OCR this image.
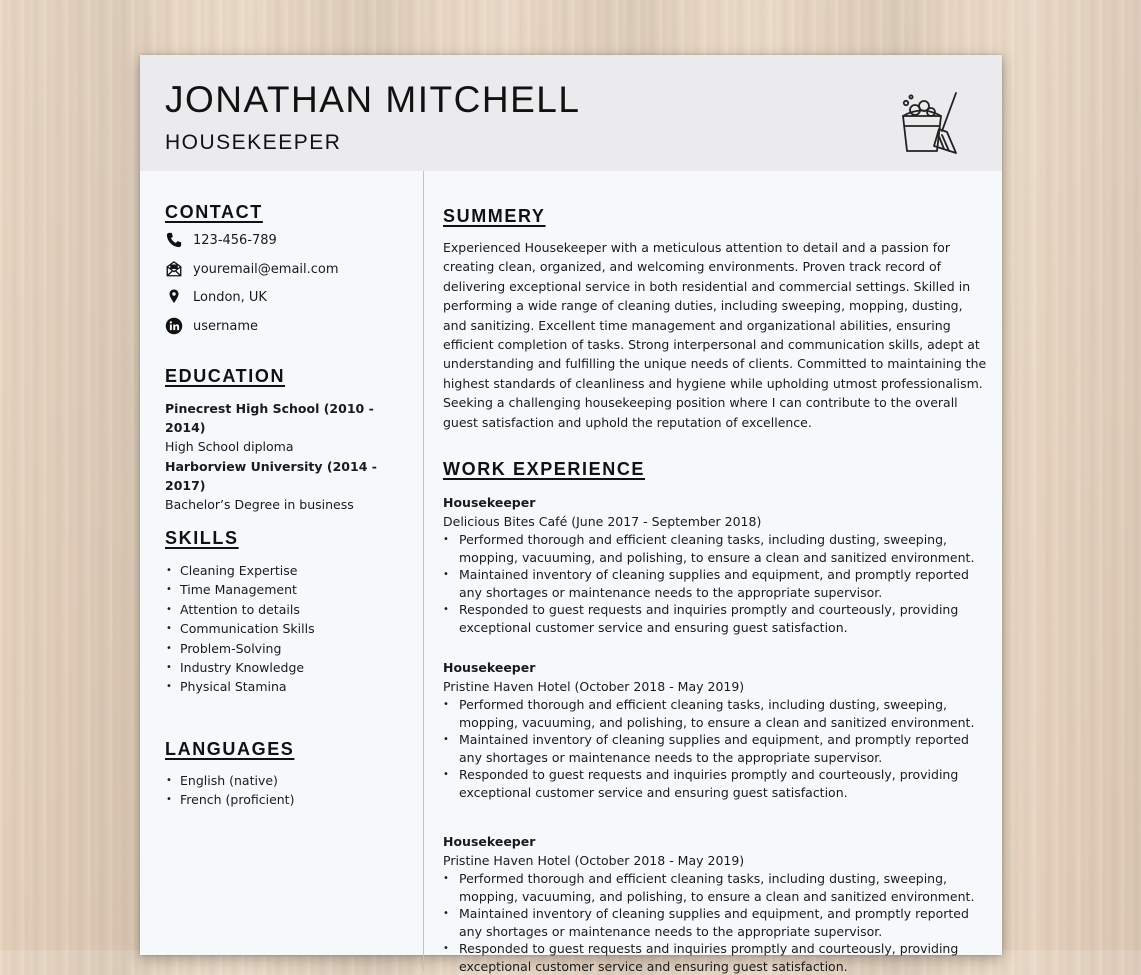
JONATHAN MITCHELL
HOUSEKEEPER
CONTACT
123-456-789
youremail@email.com
London, UK
username
EDUCATION
Pinecrest High School (2010 - 2014)
High School diploma
Harborview University (2014 - 2017)
Bachelor’s Degree in business
SKILLS
• Cleaning Expertise
• Time Management
• Attention to details
• Communication Skills
• Problem-Solving
• Industry Knowledge
• Physical Stamina
LANGUAGES
• English (native)
• French (proficient)
SUMMERY

Experienced Housekeeper with a meticulous attention to detail and a passion for creating clean, organized, and welcoming environments. Proven track record of delivering exceptional service in both residential and commercial settings. Skilled in performing a wide range of cleaning duties, including sweeping, mopping, dusting, and sanitizing. Excellent time management and organizational abilities, ensuring efficient completion of tasks. Strong interpersonal and communication skills, adept at understanding and fulfilling the unique needs of clients. Committed to maintaining the highest standards of cleanliness and hygiene while upholding utmost professionalism. Seeking a challenging housekeeping position where I can contribute to the overall guest satisfaction and uphold the reputation of excellence.

WORK EXPERIENCE
Housekeeper
Delicious Bites Café (June 2017 - September 2018)
• Performed thorough and efficient cleaning tasks, including dusting, sweeping, mopping, vacuuming, and polishing, to ensure a clean and sanitized environment.
• Maintained inventory of cleaning supplies and equipment, and promptly reported any shortages or maintenance needs to the appropriate supervisor.
• Responded to guest requests and inquiries promptly and courteously, providing exceptional customer service and ensuring guest satisfaction.
Housekeeper
Pristine Haven Hotel (October 2018 - May 2019)
• Performed thorough and efficient cleaning tasks, including dusting, sweeping, mopping, vacuuming, and polishing, to ensure a clean and sanitized environment.
• Maintained inventory of cleaning supplies and equipment, and promptly reported any shortages or maintenance needs to the appropriate supervisor.
• Responded to guest requests and inquiries promptly and courteously, providing exceptional customer service and ensuring guest satisfaction.
Housekeeper
Pristine Haven Hotel (October 2018 - May 2019)
• Performed thorough and efficient cleaning tasks, including dusting, sweeping, mopping, vacuuming, and polishing, to ensure a clean and sanitized environment.
• Maintained inventory of cleaning supplies and equipment, and promptly reported any shortages or maintenance needs to the appropriate supervisor.
• Responded to guest requests and inquiries promptly and courteously, providing exceptional customer service and ensuring guest satisfaction.
